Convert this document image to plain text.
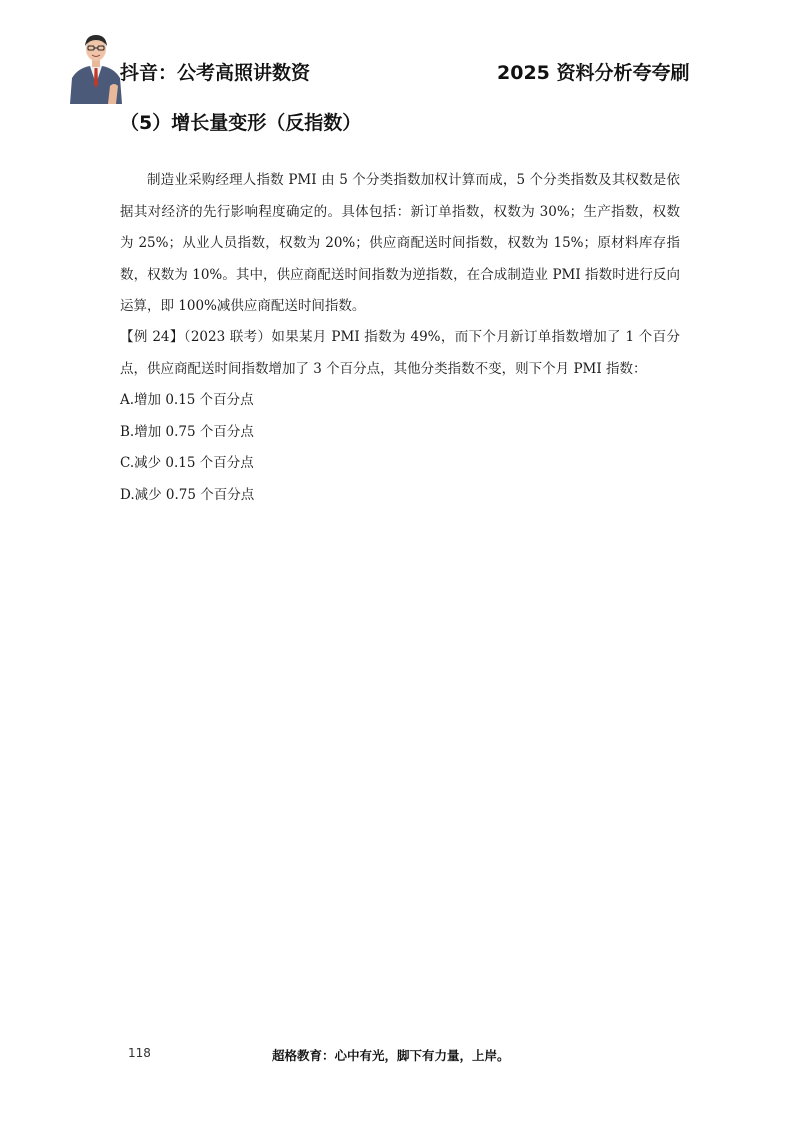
抖音：公考高照讲数资	2025 资料分析夸夸刷
（5）增长量变形（反指数）

制造业采购经理人指数 PMI 由 5 个分类指数加权计算而成，5 个分类指数及其权数是依据其对经济的先行影响程度确定的。具体包括：新订单指数，权数为 30%；生产指数，权数为 25%；从业人员指数，权数为 20%；供应商配送时间指数，权数为 15%；原材料库存指数，权数为 10%。其中，供应商配送时间指数为逆指数，在合成制造业 PMI 指数时进行反向运算，即 100%减供应商配送时间指数。

【例 24】（2023 联考）如果某月 PMI 指数为 49%，而下个月新订单指数增加了 1 个百分点，供应商配送时间指数增加了 3 个百分点，其他分类指数不变，则下个月 PMI 指数：

A.增加 0.15 个百分点
B.增加 0.75 个百分点
C.减少 0.15 个百分点
D.减少 0.75 个百分点
118	超格教育：心中有光，脚下有力量，上岸。
